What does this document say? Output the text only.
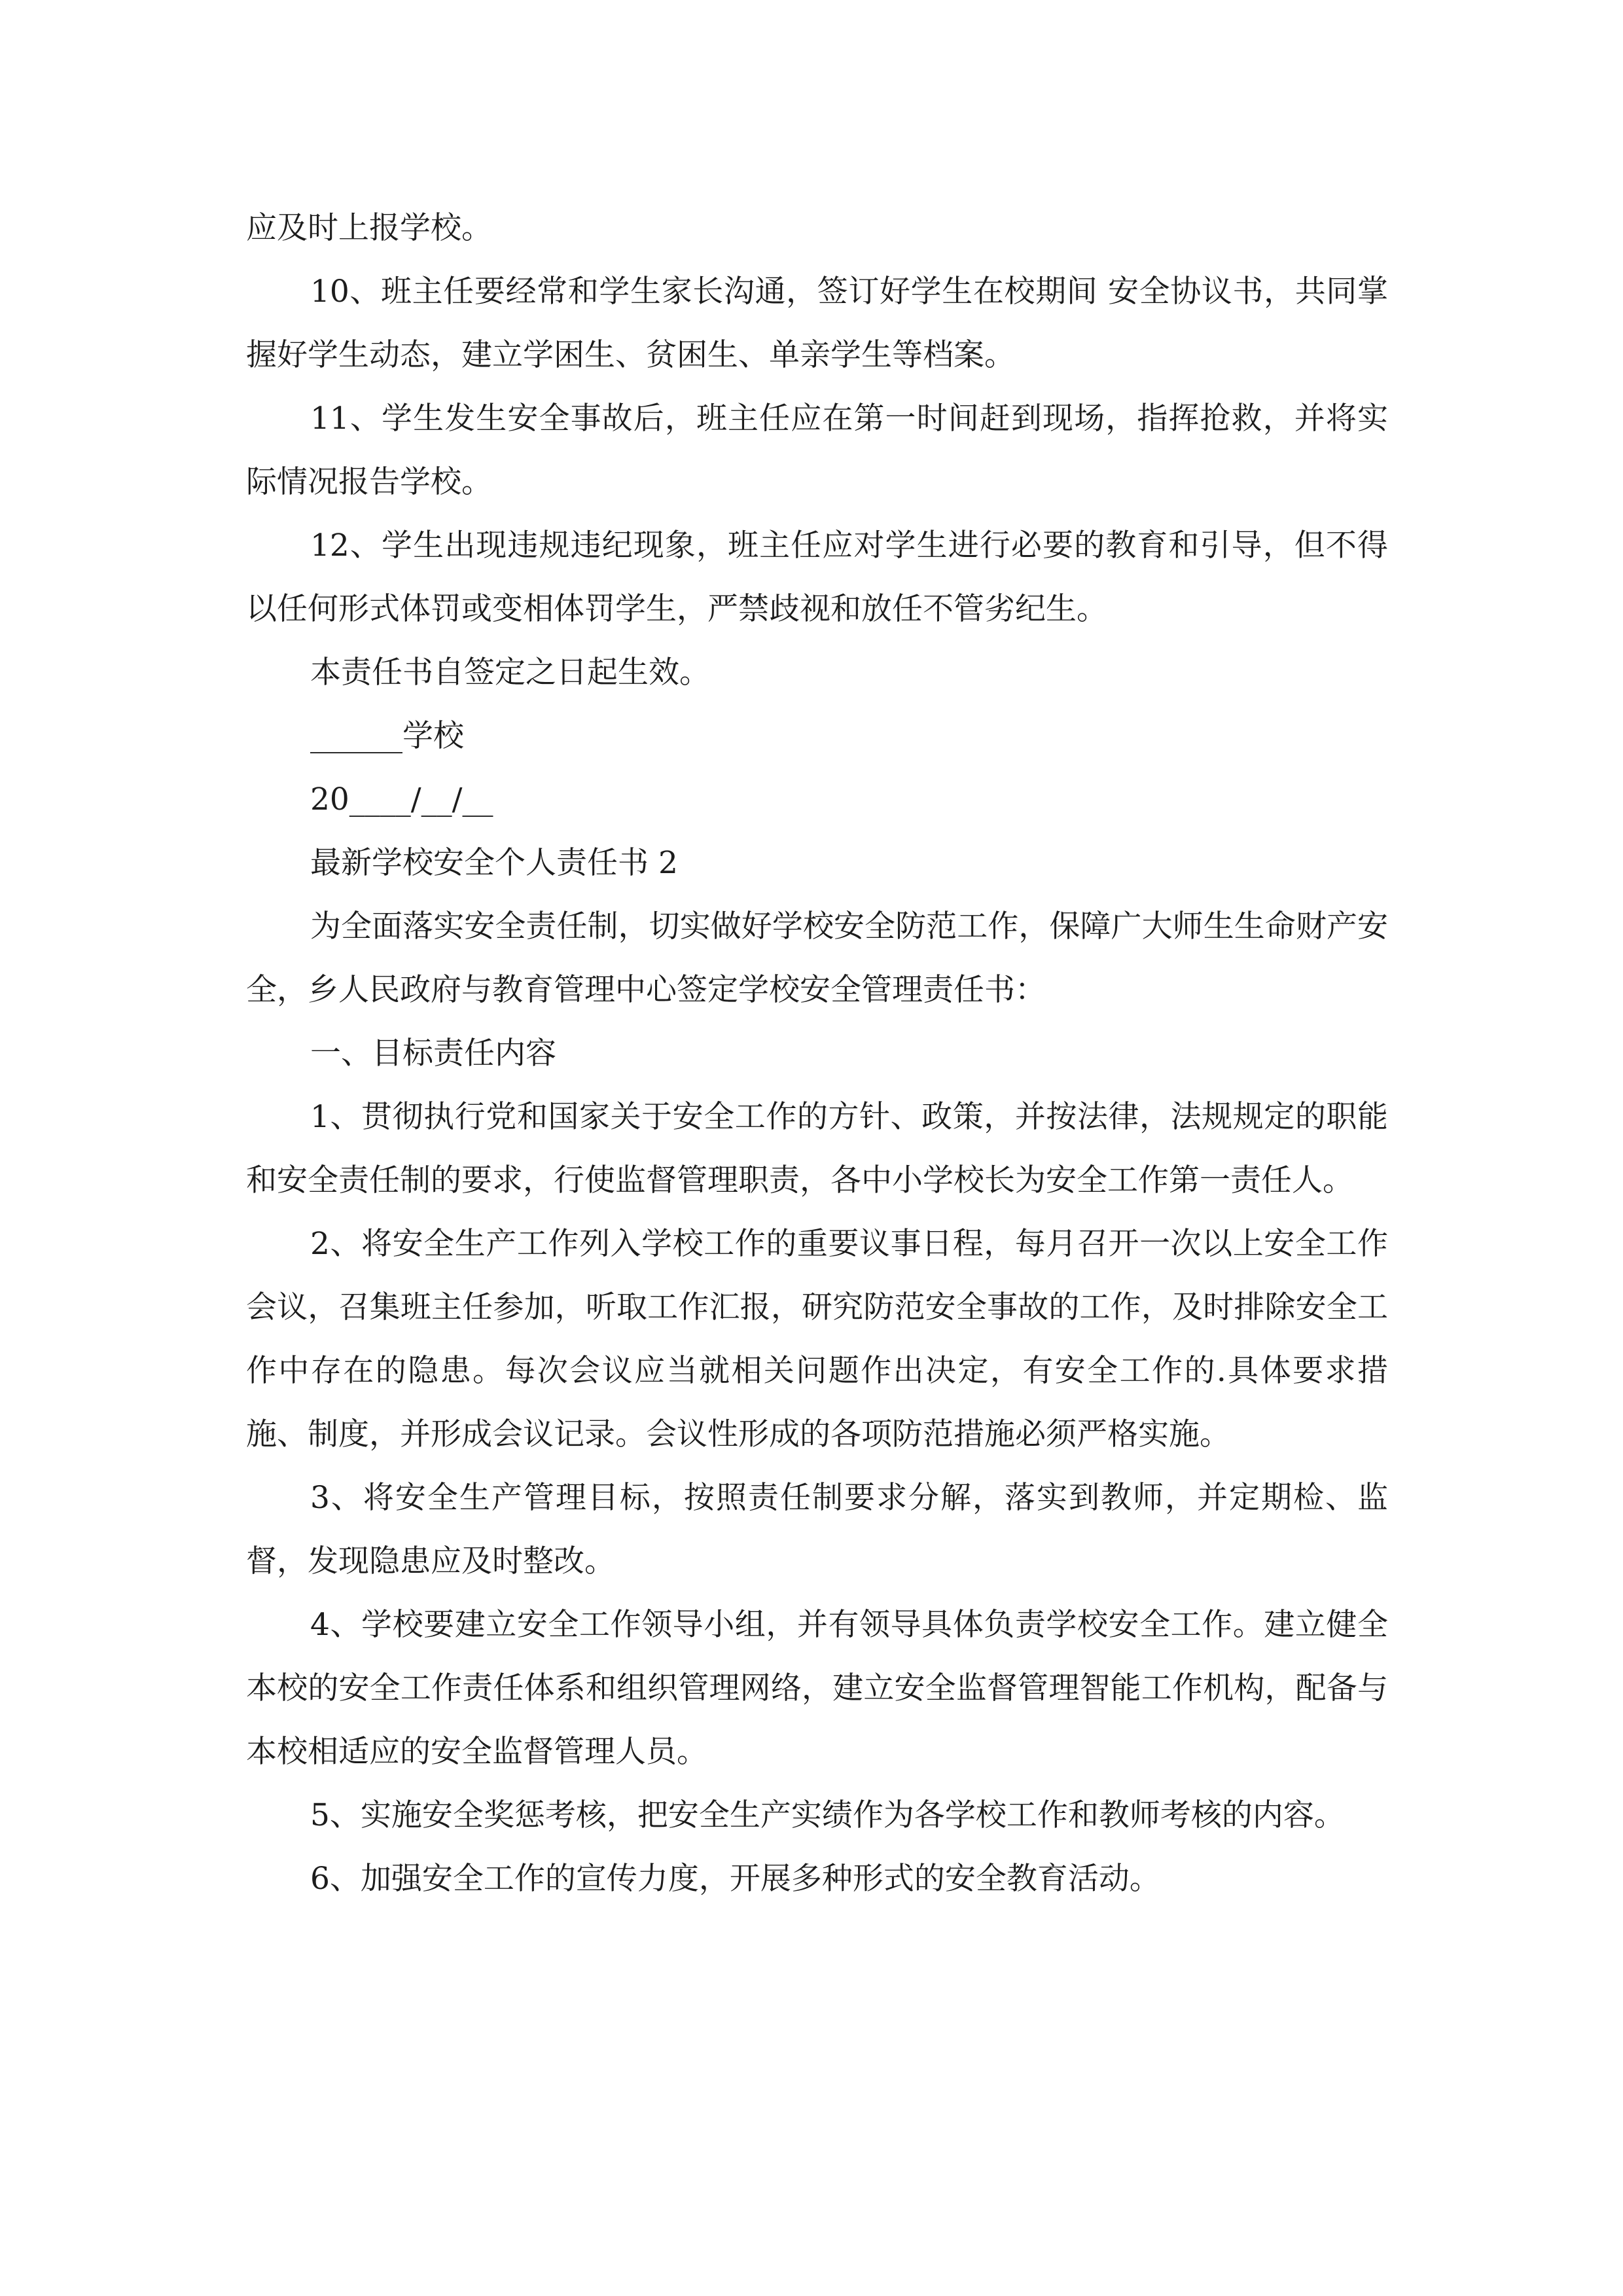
应及时上报学校。

10、班主任要经常和学生家长沟通，签订好学生在校期间 安全协议书，共同掌握好学生动态，建立学困生、贫困生、单亲学生等档案。

11、学生发生安全事故后，班主任应在第一时间赶到现场，指挥抢救，并将实际情况报告学校。

12、学生出现违规违纪现象，班主任应对学生进行必要的教育和引导，但不得以任何形式体罚或变相体罚学生，严禁歧视和放任不管劣纪生。

本责任书自签定之日起生效。

______学校

20____/__/__

最新学校安全个人责任书 2

为全面落实安全责任制，切实做好学校安全防范工作，保障广大师生生命财产安全，乡人民政府与教育管理中心签定学校安全管理责任书：

一、目标责任内容

1、贯彻执行党和国家关于安全工作的方针、政策，并按法律，法规规定的职能和安全责任制的要求，行使监督管理职责，各中小学校长为安全工作第一责任人。

2、将安全生产工作列入学校工作的重要议事日程，每月召开一次以上安全工作会议，召集班主任参加，听取工作汇报，研究防范安全事故的工作，及时排除安全工作中存在的隐患。每次会议应当就相关问题作出决定，有安全工作的.具体要求措施、制度，并形成会议记录。会议性形成的各项防范措施必须严格实施。

3、将安全生产管理目标，按照责任制要求分解，落实到教师，并定期检、监督，发现隐患应及时整改。

4、学校要建立安全工作领导小组，并有领导具体负责学校安全工作。建立健全本校的安全工作责任体系和组织管理网络，建立安全监督管理智能工作机构，配备与本校相适应的安全监督管理人员。

5、实施安全奖惩考核，把安全生产实绩作为各学校工作和教师考核的内容。

6、加强安全工作的宣传力度，开展多种形式的安全教育活动。
